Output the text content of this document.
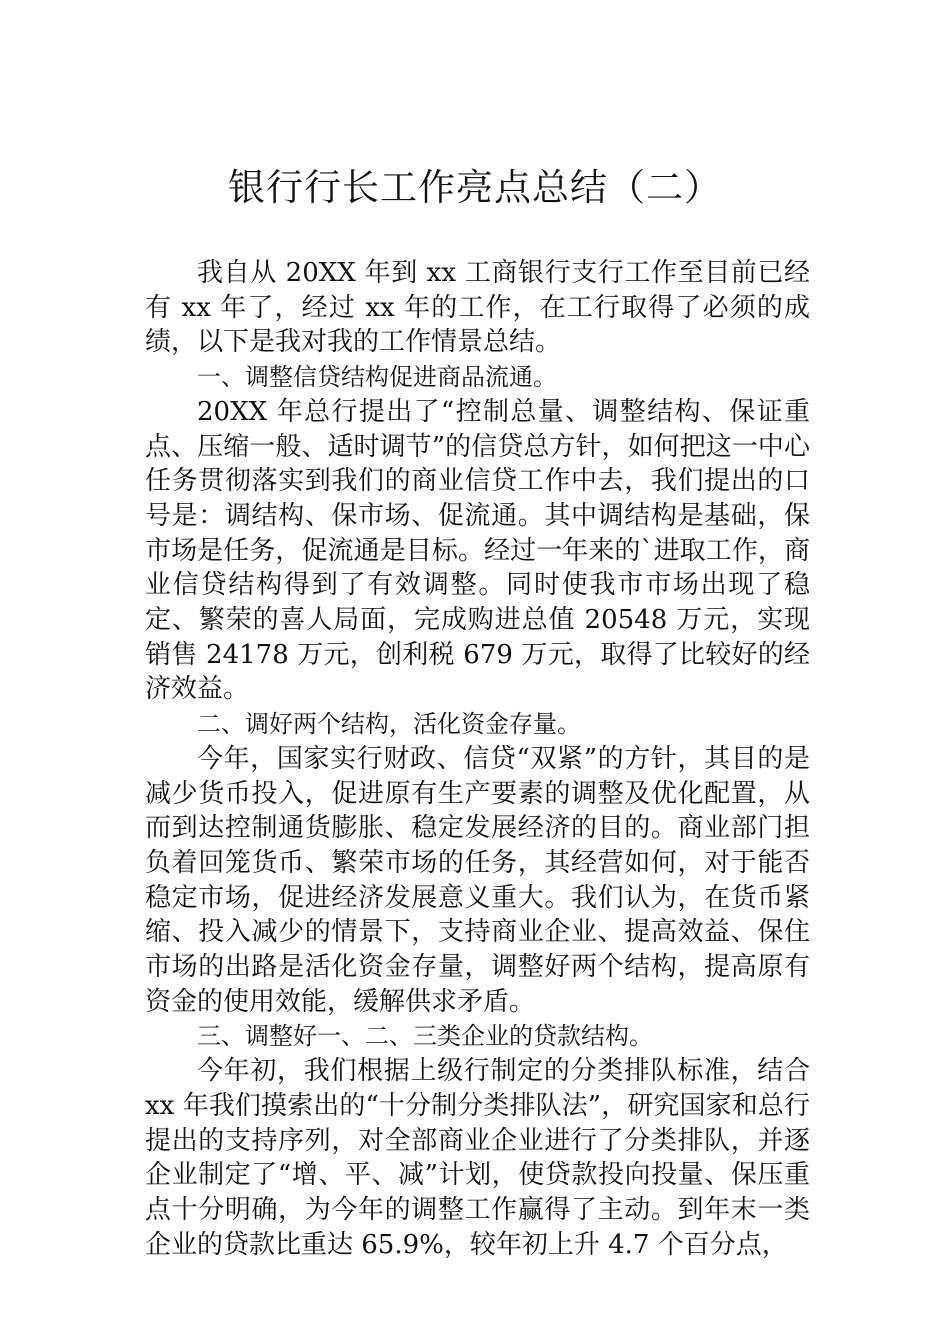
银行行长工作亮点总结（二）

我自从 20XX 年到 xx 工商银行支行工作至目前已经有 xx 年了，经过 xx 年的工作，在工行取得了必须的成绩，以下是我对我的工作情景总结。

一、调整信贷结构促进商品流通。

20XX 年总行提出了“控制总量、调整结构、保证重点、压缩一般、适时调节”的信贷总方针，如何把这一中心任务贯彻落实到我们的商业信贷工作中去，我们提出的口号是：调结构、保市场、促流通。其中调结构是基础，保市场是任务，促流通是目标。经过一年来的`进取工作，商业信贷结构得到了有效调整。同时使我市市场出现了稳定、繁荣的喜人局面，完成购进总值 20548 万元，实现销售 24178 万元，创利税 679 万元，取得了比较好的经济效益。

二、调好两个结构，活化资金存量。

今年，国家实行财政、信贷“双紧”的方针，其目的是减少货币投入，促进原有生产要素的调整及优化配置，从而到达控制通货膨胀、稳定发展经济的目的。商业部门担负着回笼货币、繁荣市场的任务，其经营如何，对于能否稳定市场，促进经济发展意义重大。我们认为，在货币紧缩、投入减少的情景下，支持商业企业、提高效益、保住市场的出路是活化资金存量，调整好两个结构，提高原有资金的使用效能，缓解供求矛盾。

三、调整好一、二、三类企业的贷款结构。

今年初，我们根据上级行制定的分类排队标准，结合 xx 年我们摸索出的“十分制分类排队法”，研究国家和总行提出的支持序列，对全部商业企业进行了分类排队，并逐企业制定了“增、平、减”计划，使贷款投向投量、保压重点十分明确，为今年的调整工作赢得了主动。到年末一类企业的贷款比重达 65.9%，较年初上升 4.7 个百分点，
